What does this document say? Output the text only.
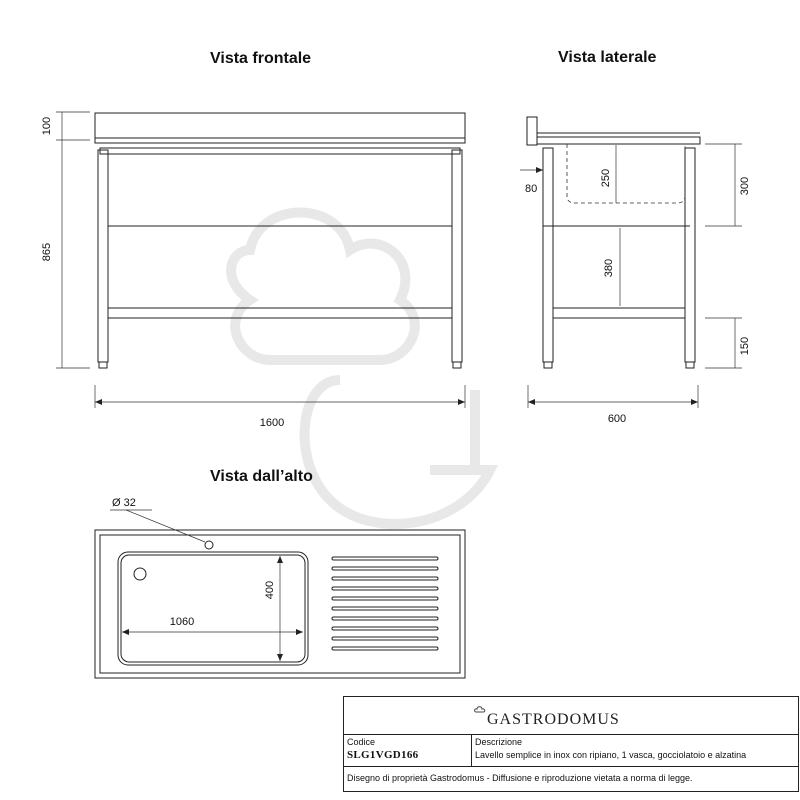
100
865
1600
250
380
80	300
150
600
Ø 32
1060
400
Vista frontale	Vista laterale
Vista dall’alto
GASTRODOMUS
Codice
SLG1VGD166
Descrizione
Lavello semplice in inox con ripiano, 1 vasca, gocciolatoio e alzatina
Disegno di proprietà Gastrodomus - Diffusione e riproduzione vietata a norma di legge.
